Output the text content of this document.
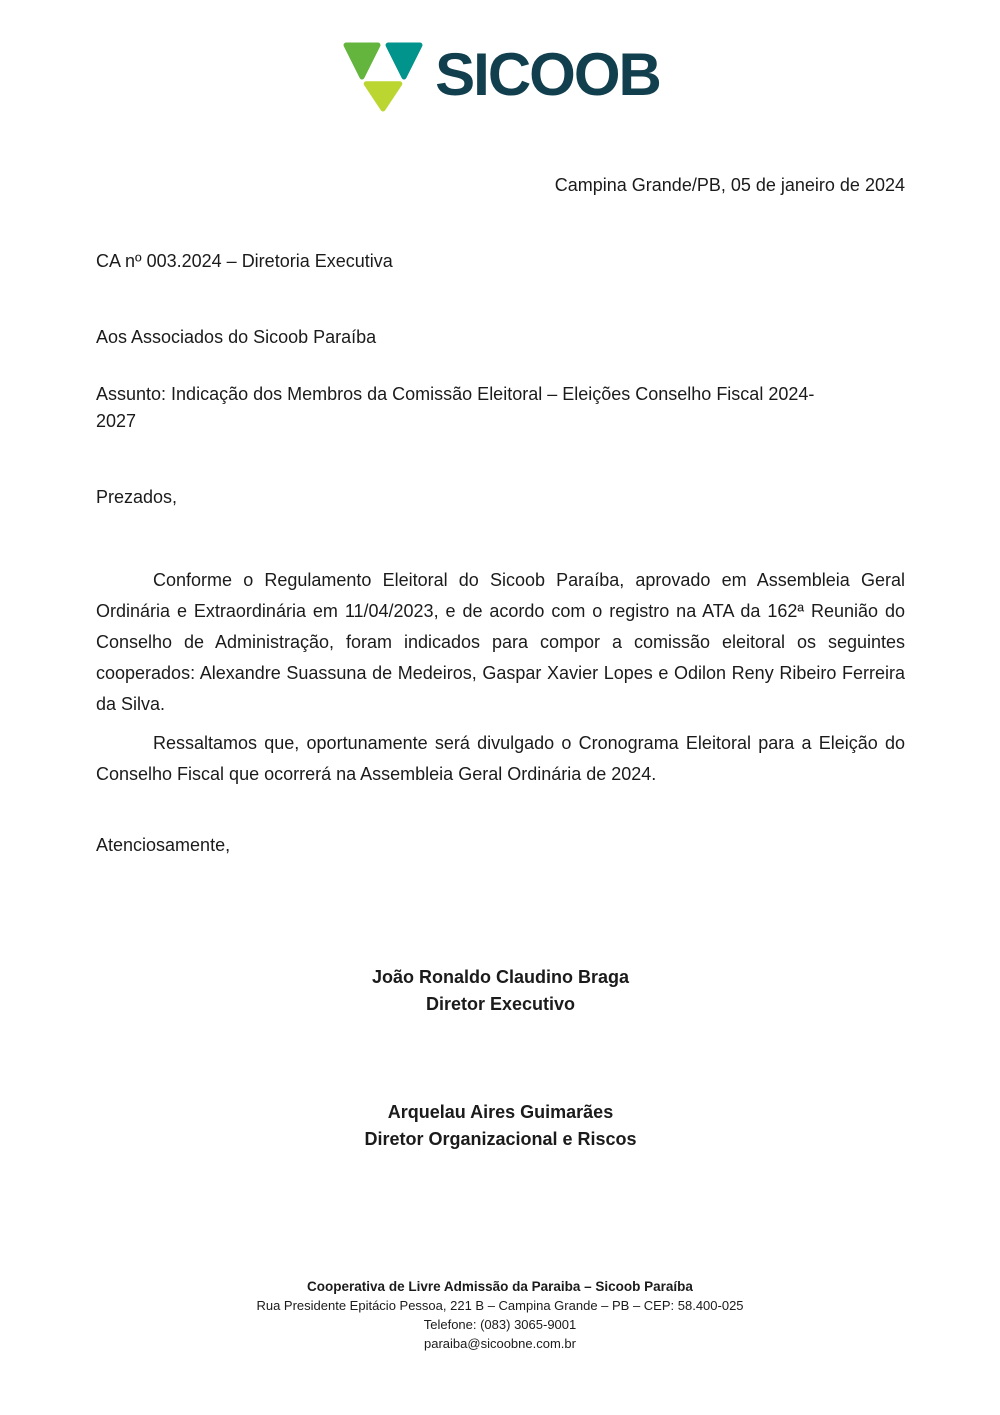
SICOOB
Campina Grande/PB, 05 de janeiro de 2024
CA nº 003.2024 – Diretoria Executiva
Aos Associados do Sicoob Paraíba
Assunto: Indicação dos Membros da Comissão Eleitoral – Eleições Conselho Fiscal 2024-
2027
Prezados,

Conforme o Regulamento Eleitoral do Sicoob Paraíba, aprovado em Assembleia Geral Ordinária e Extraordinária em 11/04/2023, e de acordo com o registro na ATA da 162ª Reunião do Conselho de Administração, foram indicados para compor a comissão eleitoral os seguintes cooperados: Alexandre Suassuna de Medeiros, Gaspar Xavier Lopes e Odilon Reny Ribeiro Ferreira da Silva.

Ressaltamos que, oportunamente será divulgado o Cronograma Eleitoral para a Eleição do Conselho Fiscal que ocorrerá na Assembleia Geral Ordinária de 2024.

Atenciosamente,
João Ronaldo Claudino Braga
Diretor Executivo
Arquelau Aires Guimarães
Diretor Organizacional e Riscos
Cooperativa de Livre Admissão da Paraiba – Sicoob Paraíba
Rua Presidente Epitácio Pessoa, 221 B – Campina Grande – PB – CEP: 58.400-025
Telefone: (083) 3065-9001
paraiba@sicoobne.com.br
